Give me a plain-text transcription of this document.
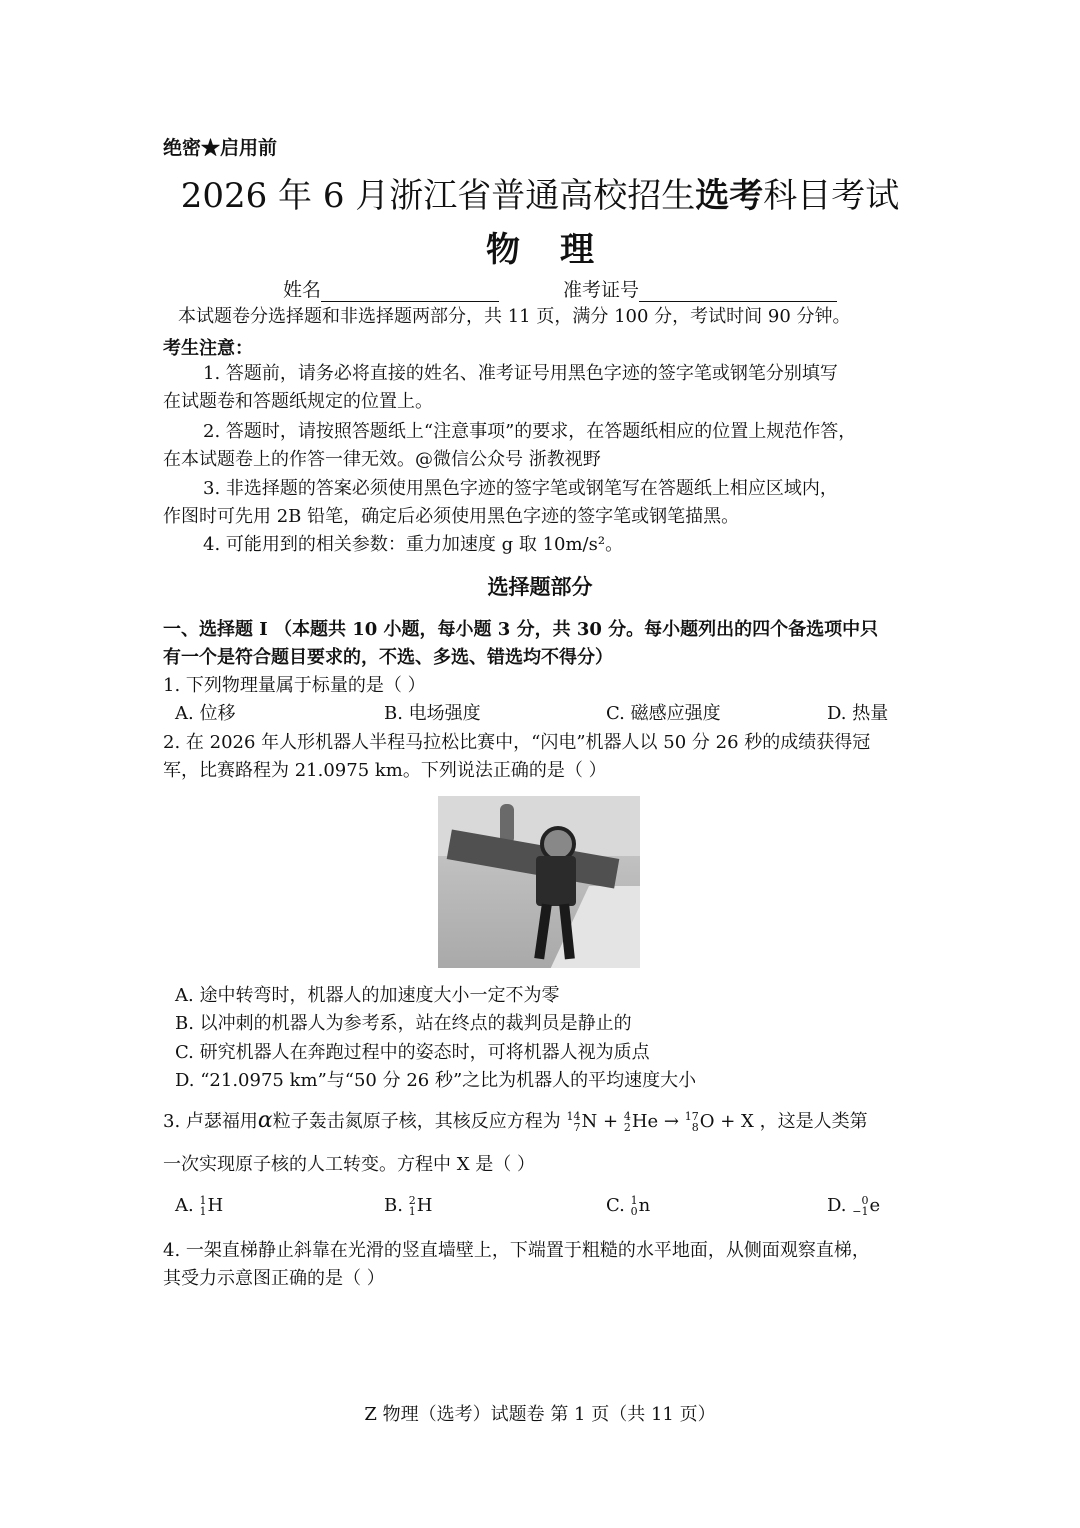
绝密★启用前
2026 年 6 月浙江省普通高校招生选考科目考试
物理
姓名	准考证号
本试题卷分选择题和非选择题两部分，共 11 页，满分 100 分，考试时间 90 分钟。
考生注意：
1. 答题前，请务必将直接的姓名、准考证号用黑色字迹的签字笔或钢笔分别填写
在试题卷和答题纸规定的位置上。
2. 答题时，请按照答题纸上“注意事项”的要求，在答题纸相应的位置上规范作答，
在本试题卷上的作答一律无效。@微信公众号 浙教视野
3. 非选择题的答案必须使用黑色字迹的签字笔或钢笔写在答题纸上相应区域内，
作图时可先用 2B 铅笔，确定后必须使用黑色字迹的签字笔或钢笔描黑。
4. 可能用到的相关参数：重力加速度 g 取 10m/s²。
选择题部分
一、选择题 I （本题共 10 小题，每小题 3 分，共 30 分。每小题列出的四个备选项中只
有一个是符合题目要求的，不选、多选、错选均不得分）
1. 下列物理量属于标量的是（ ）
A. 位移	B. 电场强度	C. 磁感应强度	D. 热量
2. 在 2026 年人形机器人半程马拉松比赛中，“闪电”机器人以 50 分 26 秒的成绩获得冠
军，比赛路程为 21.0975 km。下列说法正确的是（ ）
A. 途中转弯时，机器人的加速度大小一定不为零
B. 以冲刺的机器人为参考系，站在终点的裁判员是静止的
C. 研究机器人在奔跑过程中的姿态时，可将机器人视为质点
D. “21.0975 km”与“50 分 26 秒”之比为机器人的平均速度大小
3. 卢瑟福用α粒子轰击氮原子核，其核反应方程为 14
7 N + 4
2 He → 17
8 O + X ，这是人类第
一次实现原子核的人工转变。方程中 X 是（ ）
A. 1
1 H	B. 2
1 H	C. 1
0 n	D.	0
−1 e
4. 一架直梯静止斜靠在光滑的竖直墙壁上，下端置于粗糙的水平地面，从侧面观察直梯，
其受力示意图正确的是（ ）
Z 物理（选考）试题卷 第 1 页（共 11 页）
